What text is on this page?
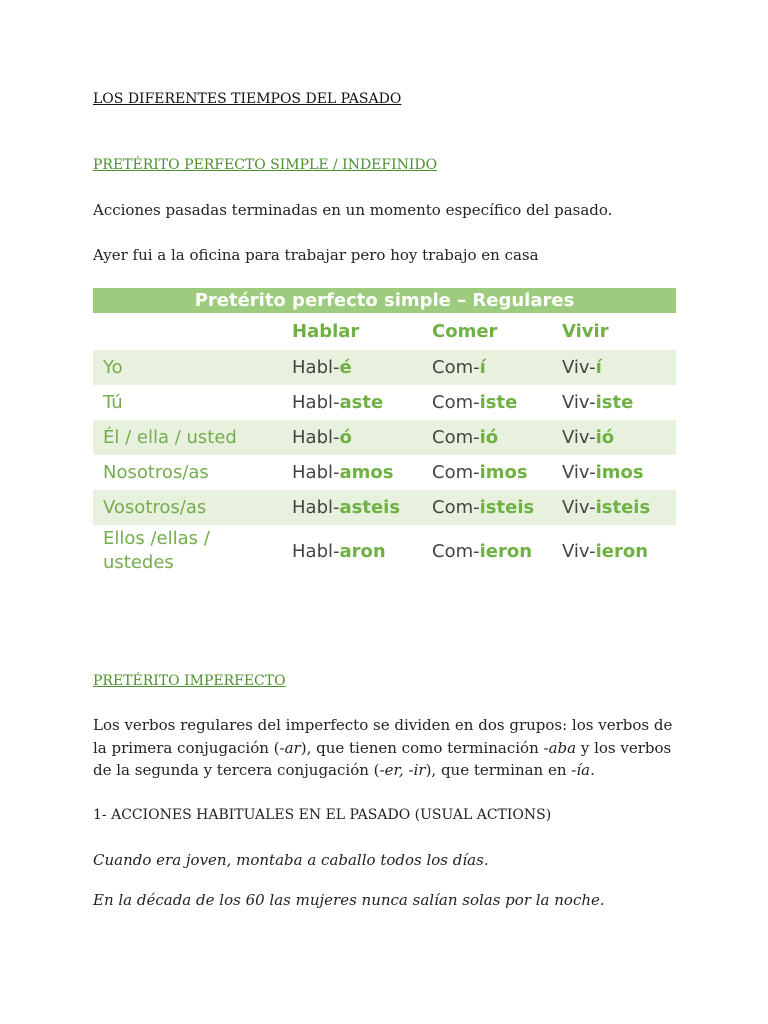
LOS DIFERENTES TIEMPOS DEL PASADO

PRETÉRITO PERFECTO SIMPLE / INDEFINIDO

Acciones pasadas terminadas en un momento específico del pasado.

Ayer fui a la oficina para trabajar pero hoy trabajo en casa

Pretérito perfecto simple – Regulares			
	Hablar	Comer	Vivir
Yo	Habl-é	Com-í	Viv-í
Tú	Habl-aste	Com-iste	Viv-iste
Él / ella / usted	Habl-ó	Com-ió	Viv-ió
Nosotros/as	Habl-amos	Com-imos	Viv-imos
Vosotros/as	Habl-asteis	Com-isteis	Viv-isteis
Ellos /ellas /
ustedes	Habl-aron	Com-ieron	Viv-ieron

PRETÉRITO IMPERFECTO

Los verbos regulares del imperfecto se dividen en dos grupos: los verbos de la primera conjugación (-ar), que tienen como terminación -aba y los verbos de la segunda y tercera conjugación (-er, -ir), que terminan en -ía.

1- ACCIONES HABITUALES EN EL PASADO (USUAL ACTIONS)

Cuando era joven, montaba a caballo todos los días.

En la década de los 60 las mujeres nunca salían solas por la noche.
